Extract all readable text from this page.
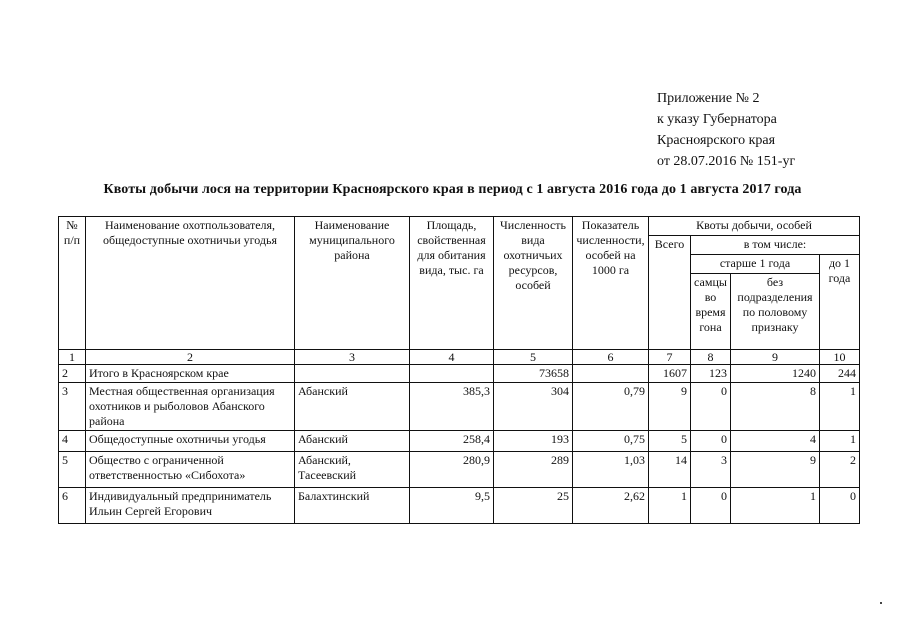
Приложение № 2
к указу Губернатора
Красноярского края
от 28.07.2016 № 151-уг
Квоты добычи лося на территории Красноярского края в период с 1 августа 2016 года до 1 августа 2017 года
№ п/п	Наименование охотпользователя, общедоступные охотничьи угодья	Наименование муниципального района	Площадь, свойственная для обитания вида, тыс. га	Численность вида охотничьих ресурсов, особей	Показатель численности, особей на 1000 га	Квоты добычи, особей			
						Всего	в том числе:		
							старше 1 года		до 1 года
							самцы во время гона	без подразделения по половому признаку	
1	2	3	4	5	6	7	8	9	10
2	Итого в Красноярском крае			73658		1607	123	1240	244
3	Местная общественная организация охотников и рыболовов Абанского района	Абанский	385,3	304	0,79	9	0	8	1
4	Общедоступные охотничьи угодья	Абанский	258,4	193	0,75	5	0	4	1
5	Общество с ограниченной ответственностью «Сибохота»	Абанский, Тасеевский	280,9	289	1,03	14	3	9	2
6	Индивидуальный предприниматель Ильин Сергей Егорович	Балахтинский	9,5	25	2,62	1	0	1	0
